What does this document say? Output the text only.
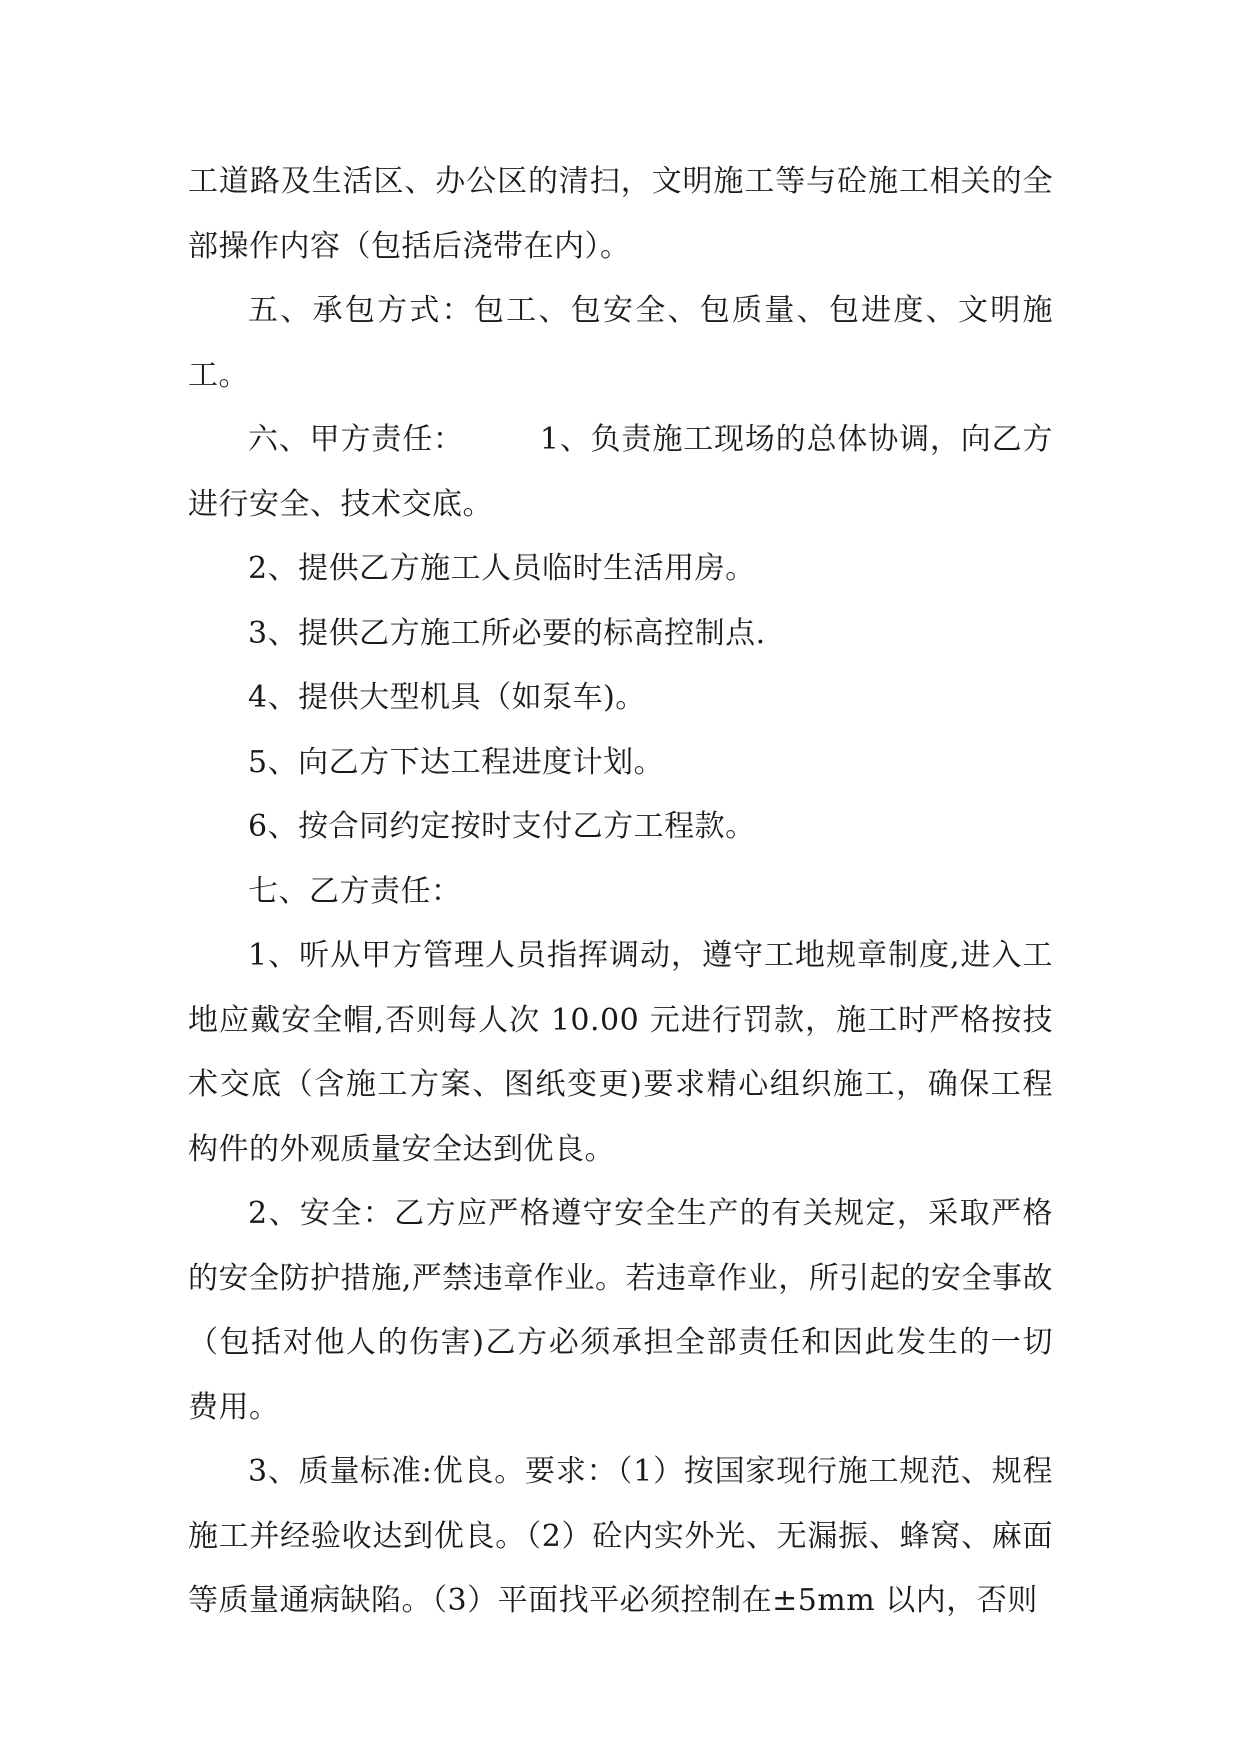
工道路及生活区、办公区的清扫，文明施工等与砼施工相关的全部操作内容（包括后浇带在内）。

五、承包方式：包工、包安全、包质量、包进度、文明施工。

六、甲方责任：	1、负责施工现场的总体协调，向乙方进行安全、技术交底。

2、提供乙方施工人员临时生活用房。

3、提供乙方施工所必要的标高控制点.

4、提供大型机具（如泵车)。

5、向乙方下达工程进度计划。

6、按合同约定按时支付乙方工程款。

七、乙方责任：

1、听从甲方管理人员指挥调动，遵守工地规章制度,进入工地应戴安全帽,否则每人次 10.00 元进行罚款，施工时严格按技术交底（含施工方案、图纸变更)要求精心组织施工，确保工程构件的外观质量安全达到优良。

2、安全：乙方应严格遵守安全生产的有关规定，采取严格的安全防护措施,严禁违章作业。若违章作业，所引起的安全事故（包括对他人的伤害)乙方必须承担全部责任和因此发生的一切费用。

3、质量标准:优良。要求：（1）按国家现行施工规范、规程施工并经验收达到优良。（2）砼内实外光、无漏振、蜂窝、麻面等质量通病缺陷。（3）平面找平必须控制在±5mm 以内，否则
